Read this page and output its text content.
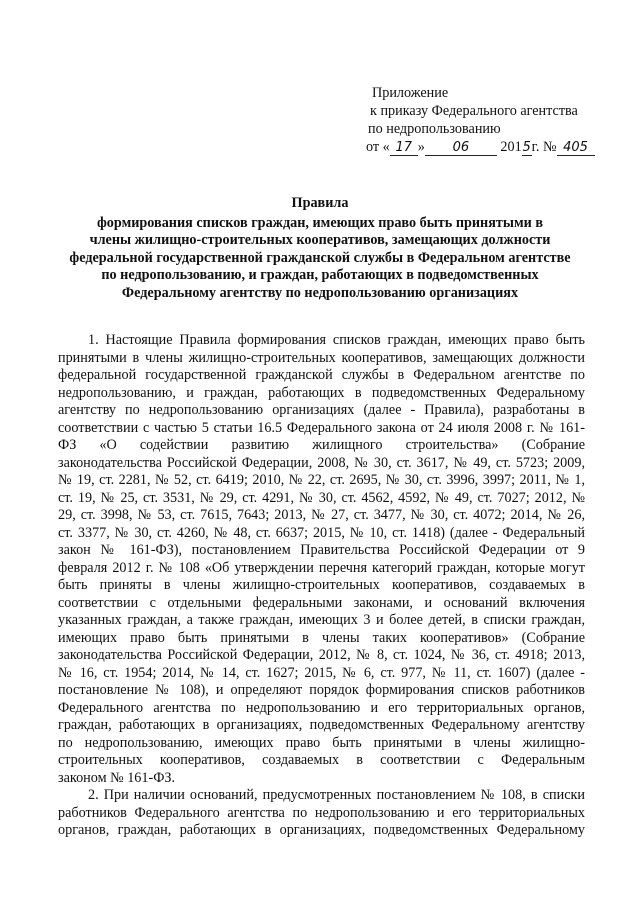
Приложение
к приказу Федерального агентства
по недропользованию
от « 17 » 06 2015г. № 405
Правила
формирования списков граждан, имеющих право быть принятыми в
члены жилищно-строительных кооперативов, замещающих должности
федеральной государственной гражданской службы в Федеральном агентстве
по недропользованию, и граждан, работающих в подведомственных
Федеральному агентству по недропользованию организациях
1. Настоящие Правила формирования списков граждан, имеющих право быть
принятыми в члены жилищно-строительных кооперативов, замещающих должности
федеральной государственной гражданской службы в Федеральном агентстве по
недропользованию, и граждан, работающих в подведомственных Федеральному
агентству по недропользованию организациях (далее - Правила), разработаны в
соответствии с частью 5 статьи 16.5 Федерального закона от 24 июля 2008 г. № 161-
ФЗ «О содействии развитию жилищного строительства» (Собрание
законодательства Российской Федерации, 2008, № 30, ст. 3617, № 49, ст. 5723; 2009,
№ 19, ст. 2281, № 52, ст. 6419; 2010, № 22, ст. 2695, № 30, ст. 3996, 3997; 2011, № 1,
ст. 19, № 25, ст. 3531, № 29, ст. 4291, № 30, ст. 4562, 4592, № 49, ст. 7027; 2012, №
29, ст. 3998, № 53, ст. 7615, 7643; 2013, № 27, ст. 3477, № 30, ст. 4072; 2014, № 26,
ст. 3377, № 30, ст. 4260, № 48, ст. 6637; 2015, № 10, ст. 1418) (далее - Федеральный
закон № 161-ФЗ), постановлением Правительства Российской Федерации от 9
февраля 2012 г. № 108 «Об утверждении перечня категорий граждан, которые могут
быть приняты в члены жилищно-строительных кооперативов, создаваемых в
соответствии с отдельными федеральными законами, и оснований включения
указанных граждан, а также граждан, имеющих 3 и более детей, в списки граждан,
имеющих право быть принятыми в члены таких кооперативов» (Собрание
законодательства Российской Федерации, 2012, № 8, ст. 1024, № 36, ст. 4918; 2013,
№ 16, ст. 1954; 2014, № 14, ст. 1627; 2015, № 6, ст. 977, № 11, ст. 1607) (далее -
постановление № 108), и определяют порядок формирования списков работников
Федерального агентства по недропользованию и его территориальных органов,
граждан, работающих в организациях, подведомственных Федеральному агентству
по недропользованию, имеющих право быть принятыми в члены жилищно-
строительных кооперативов, создаваемых в соответствии с Федеральным
законом № 161-ФЗ.
2. При наличии оснований, предусмотренных постановлением № 108, в списки
работников Федерального агентства по недропользованию и его территориальных
органов, граждан, работающих в организациях, подведомственных Федеральному
